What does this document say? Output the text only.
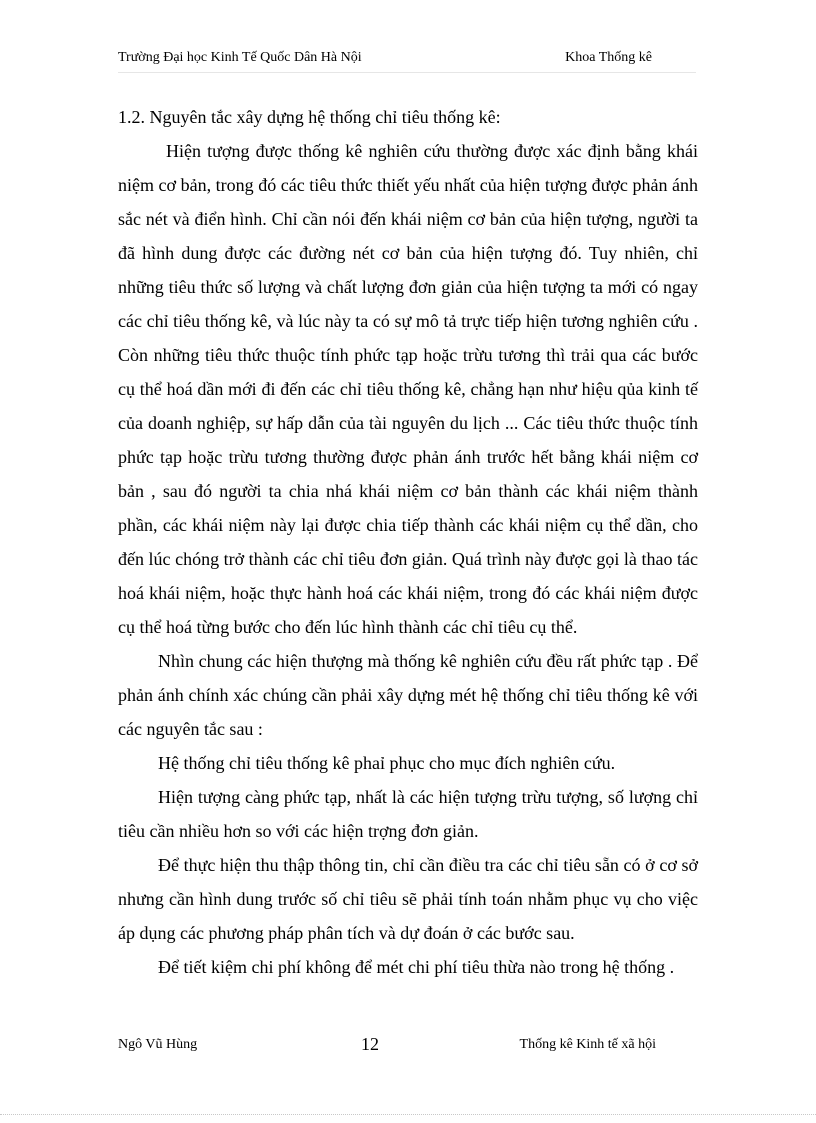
Trường Đại học Kinh Tế Quốc Dân Hà Nội	Khoa Thống kê

1.2. Nguyên tắc xây dựng hệ thống chỉ tiêu thống kê:

Hiện tượng được thống kê nghiên cứu thường được xác định bằng khái niệm cơ bản, trong đó các tiêu thức thiết yếu nhất của hiện tượng được phản ánh sắc nét và điển hình. Chỉ cần nói đến khái niệm cơ bản của hiện tượng, người ta đã hình dung được các đường nét cơ bản của hiện tượng đó. Tuy nhiên, chỉ những tiêu thức số lượng và chất lượng đơn giản của hiện tượng ta mới có ngay các chỉ tiêu thống kê, và lúc này ta có sự mô tả trực tiếp hiện tương nghiên cứu . Còn những tiêu thức thuộc tính phức tạp hoặc trừu tương thì trải qua các bước cụ thể hoá dần mới đi đến các chỉ tiêu thống kê, chẳng hạn như hiệu qủa kinh tế của doanh nghiệp, sự hấp dẫn của tài nguyên du lịch ... Các tiêu thức thuộc tính phức tạp hoặc trừu tương thường được phản ánh trước hết bằng khái niệm cơ bản , sau đó người ta chia nhá khái niệm cơ bản thành các khái niệm thành phần, các khái niệm này lại được chia tiếp thành các khái niệm cụ thể dần, cho đến lúc chóng trở thành các chỉ tiêu đơn giản. Quá trình này được gọi là thao tác hoá khái niệm, hoặc thực hành hoá các khái niệm, trong đó các khái niệm được cụ thể hoá từng bước cho đến lúc hình thành các chỉ tiêu cụ thể.

Nhìn chung các hiện thượng mà thống kê nghiên cứu đều rất phức tạp . Để phản ánh chính xác chúng cần phải xây dựng mét hệ thống chỉ tiêu thống kê với các nguyên tắc sau :

Hệ thống chỉ tiêu thống kê phaỉ phục cho mục đích nghiên cứu.

Hiện tượng càng phức tạp, nhất là các hiện tượng trừu tượng, số lượng chỉ tiêu cần nhiều hơn so với các hiện trợng đơn giản.

Để thực hiện thu thập thông tin, chỉ cần điều tra các chỉ tiêu sẵn có ở cơ sở nhưng cần hình dung trước số chỉ tiêu sẽ phải tính toán nhằm phục vụ cho việc áp dụng các phương pháp phân tích và dự đoán ở các bước sau.

Để tiết kiệm chi phí không để mét chi phí tiêu thừa nào trong hệ thống .

Ngô Vũ Hùng	12	Thống kê Kinh tế xã hội
